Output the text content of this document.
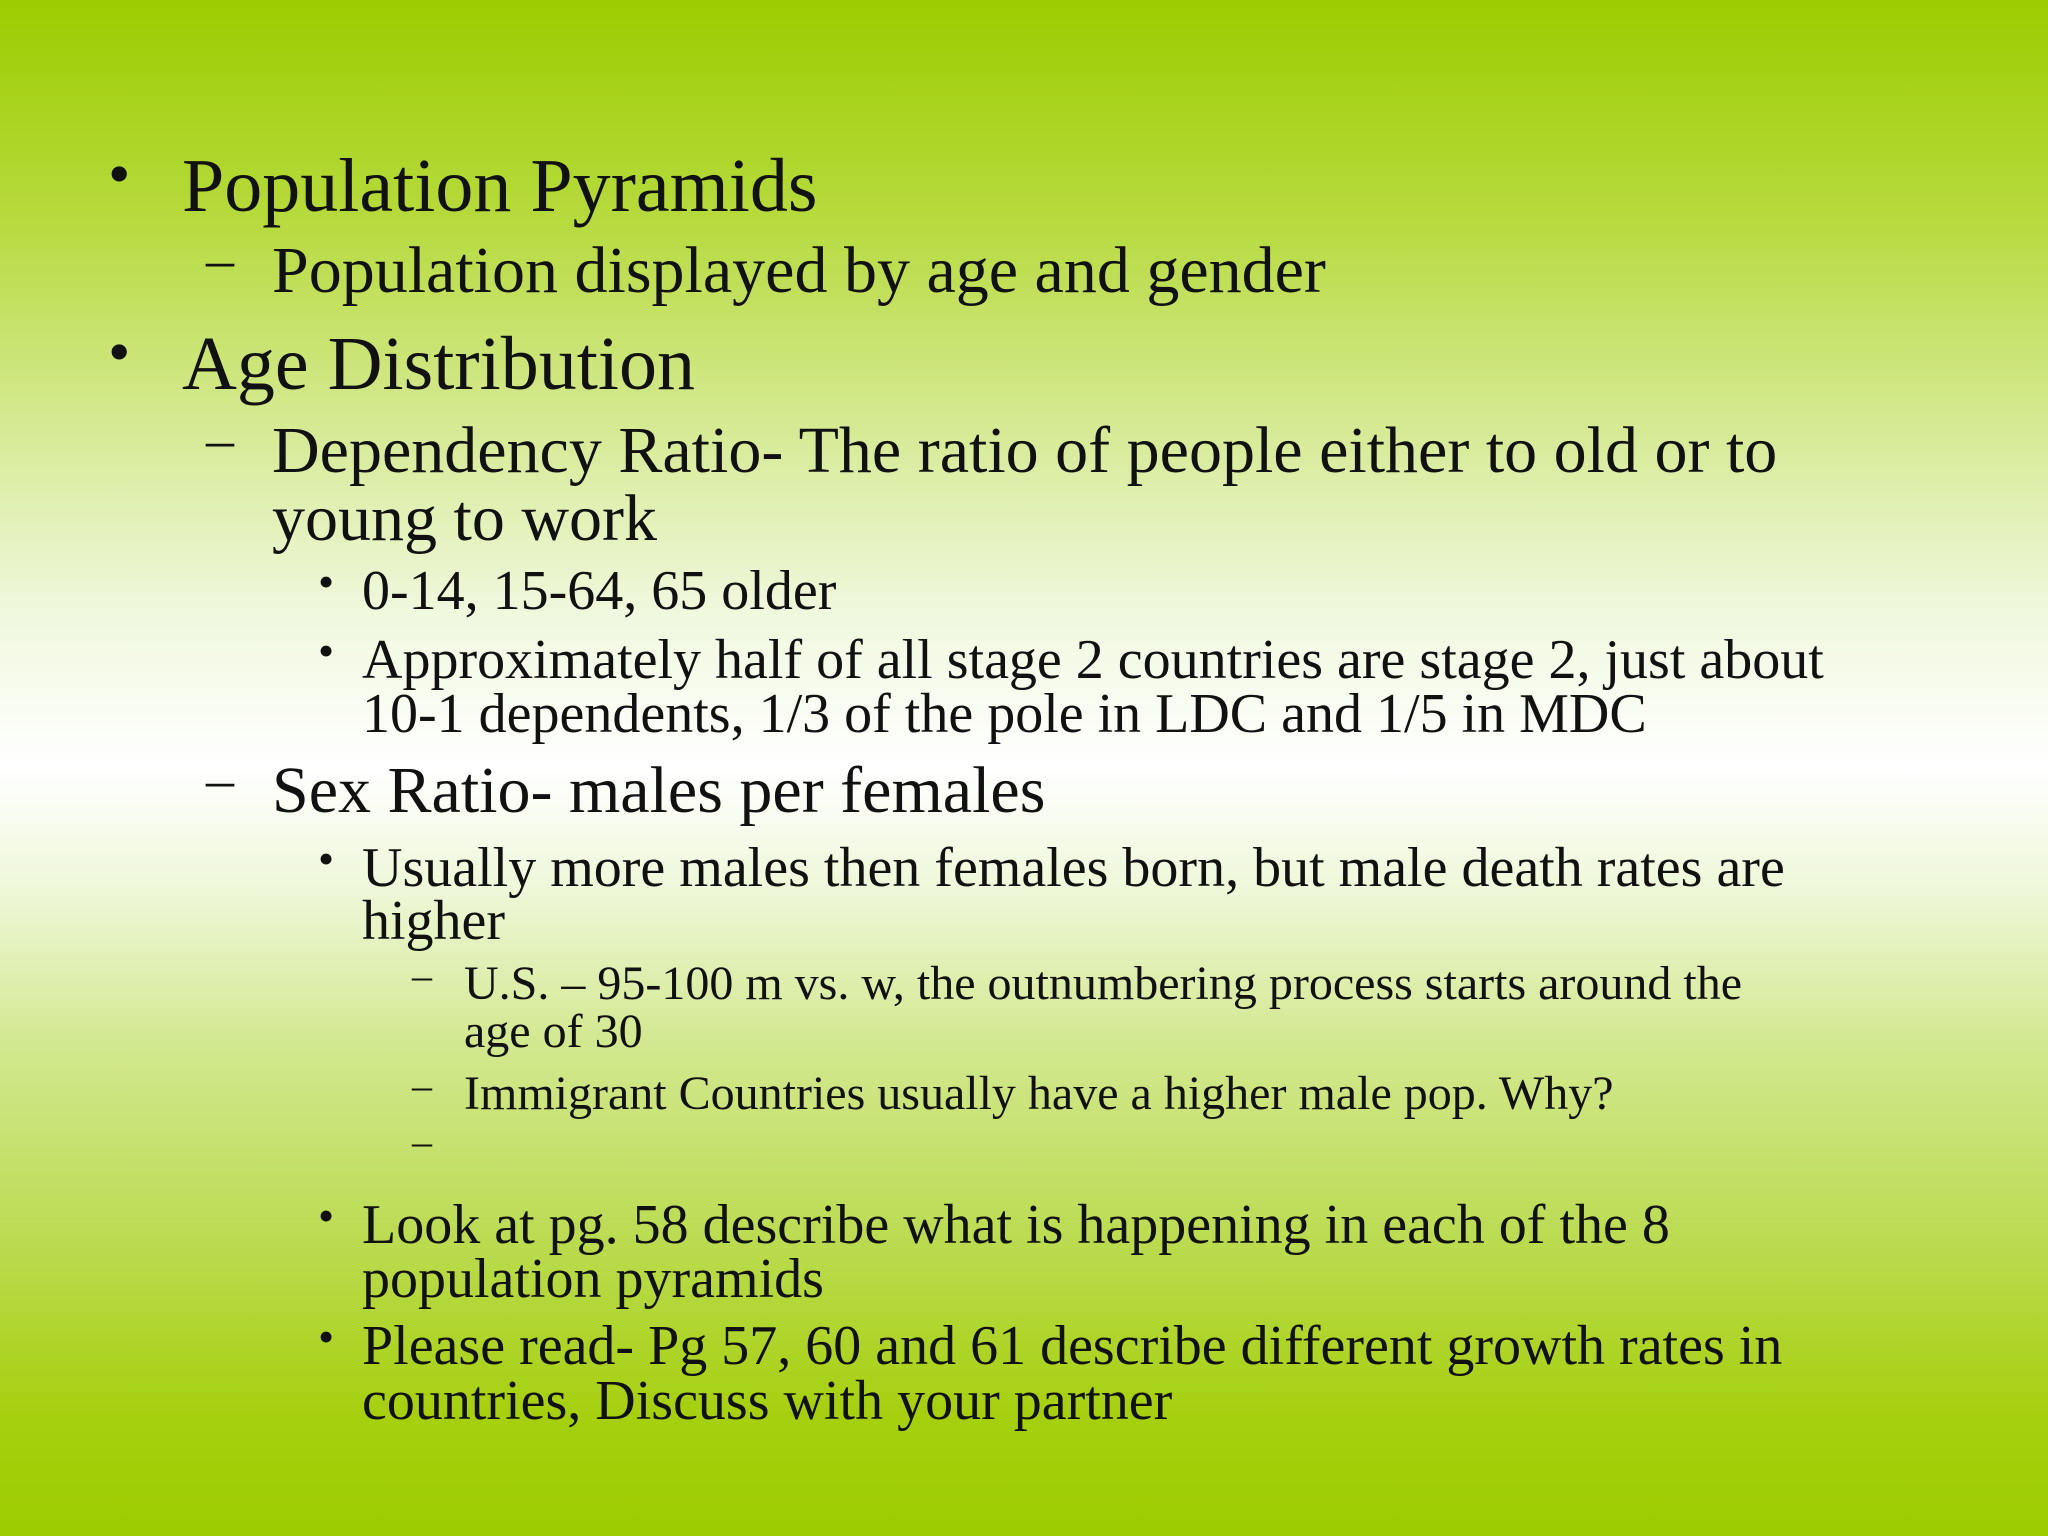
• Population Pyramids
– Population displayed by age and gender
• Age Distribution
– Dependency Ratio- The ratio of people either to old or to
young to work
• 0-14, 15-64, 65 older
• Approximately half of all stage 2 countries are stage 2, just about
10-1 dependents, 1/3 of the pole in LDC and 1/5 in MDC
– Sex Ratio- males per females
• Usually more males then females born, but male death rates are
higher
– U.S. – 95-100 m vs. w, the outnumbering process starts around the
age of 30
– Immigrant Countries usually have a higher male pop. Why?
–
• Look at pg. 58 describe what is happening in each of the 8
population pyramids
• Please read- Pg 57, 60 and 61 describe different growth rates in
countries, Discuss with your partner
